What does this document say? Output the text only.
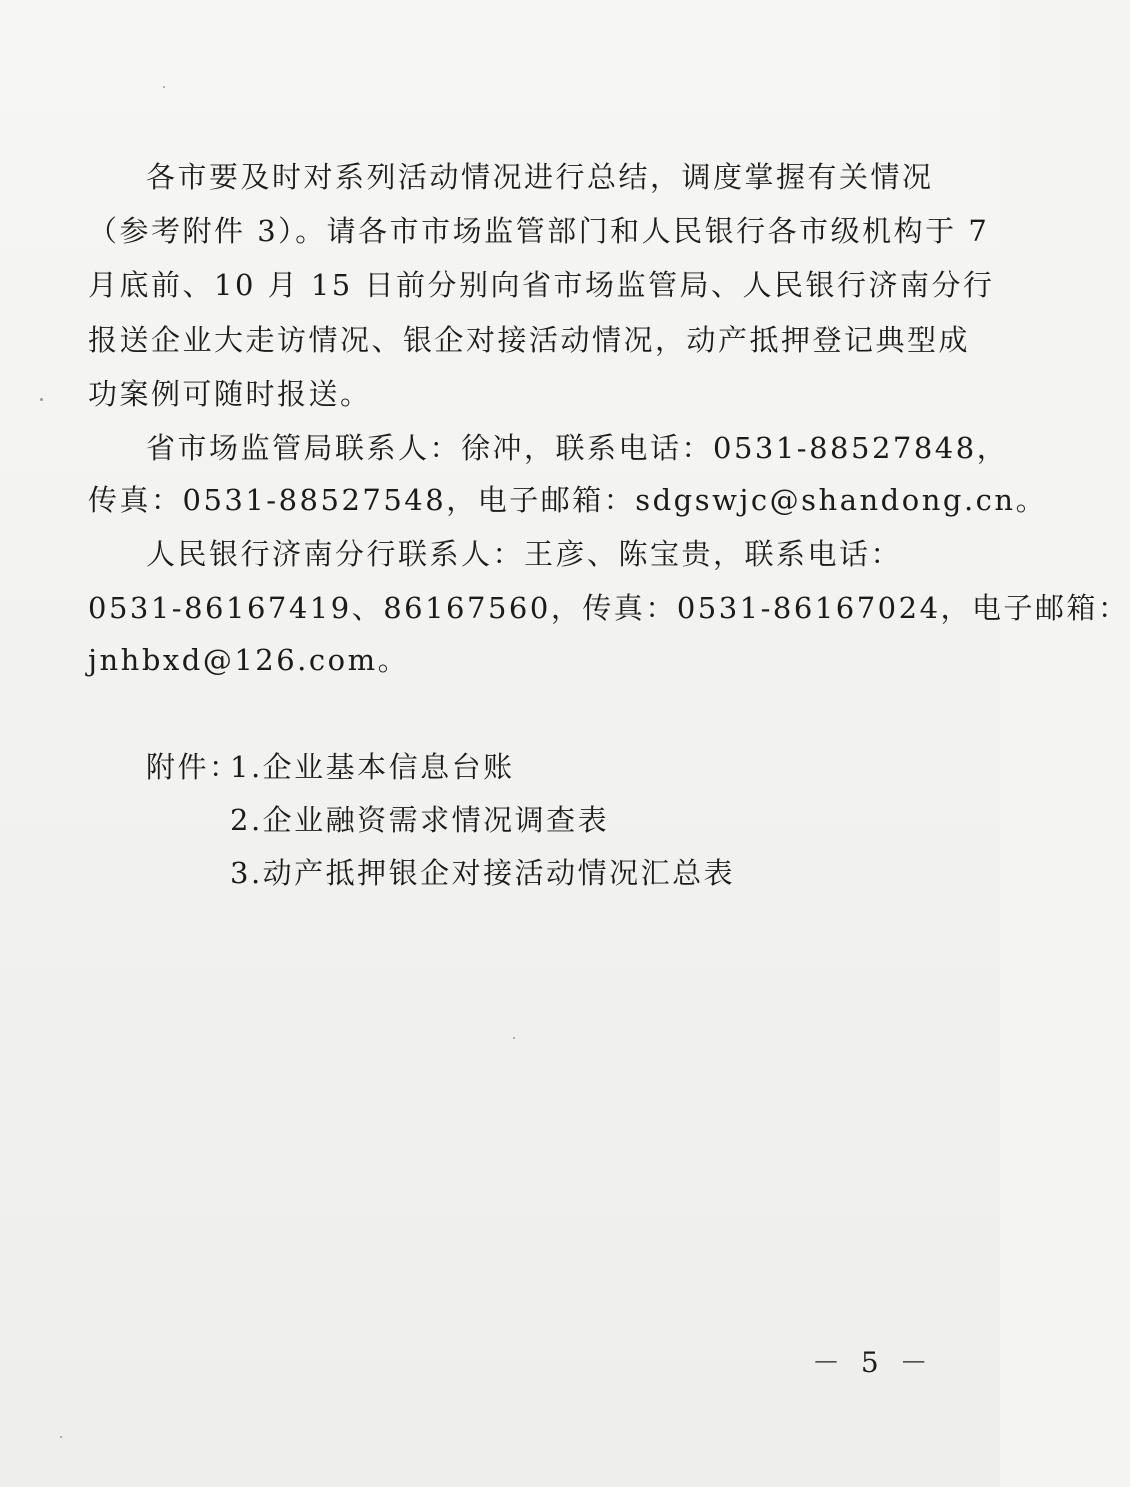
各市要及时对系列活动情况进行总结，调度掌握有关情况
（参考附件 3）。请各市市场监管部门和人民银行各市级机构于 7
月底前、10 月 15 日前分别向省市场监管局、人民银行济南分行
报送企业大走访情况、银企对接活动情况，动产抵押登记典型成
功案例可随时报送。
省市场监管局联系人：徐冲，联系电话：0531-88527848，
传真：0531-88527548，电子邮箱：sdgswjc@shandong.cn。
人民银行济南分行联系人：王彦、陈宝贵，联系电话：
0531-86167419、86167560，传真：0531-86167024，电子邮箱：
jnhbxd@126.com。
附件：
1.企业基本信息台账
2.企业融资需求情况调查表
3.动产抵押银企对接活动情况汇总表
－ 5 －
